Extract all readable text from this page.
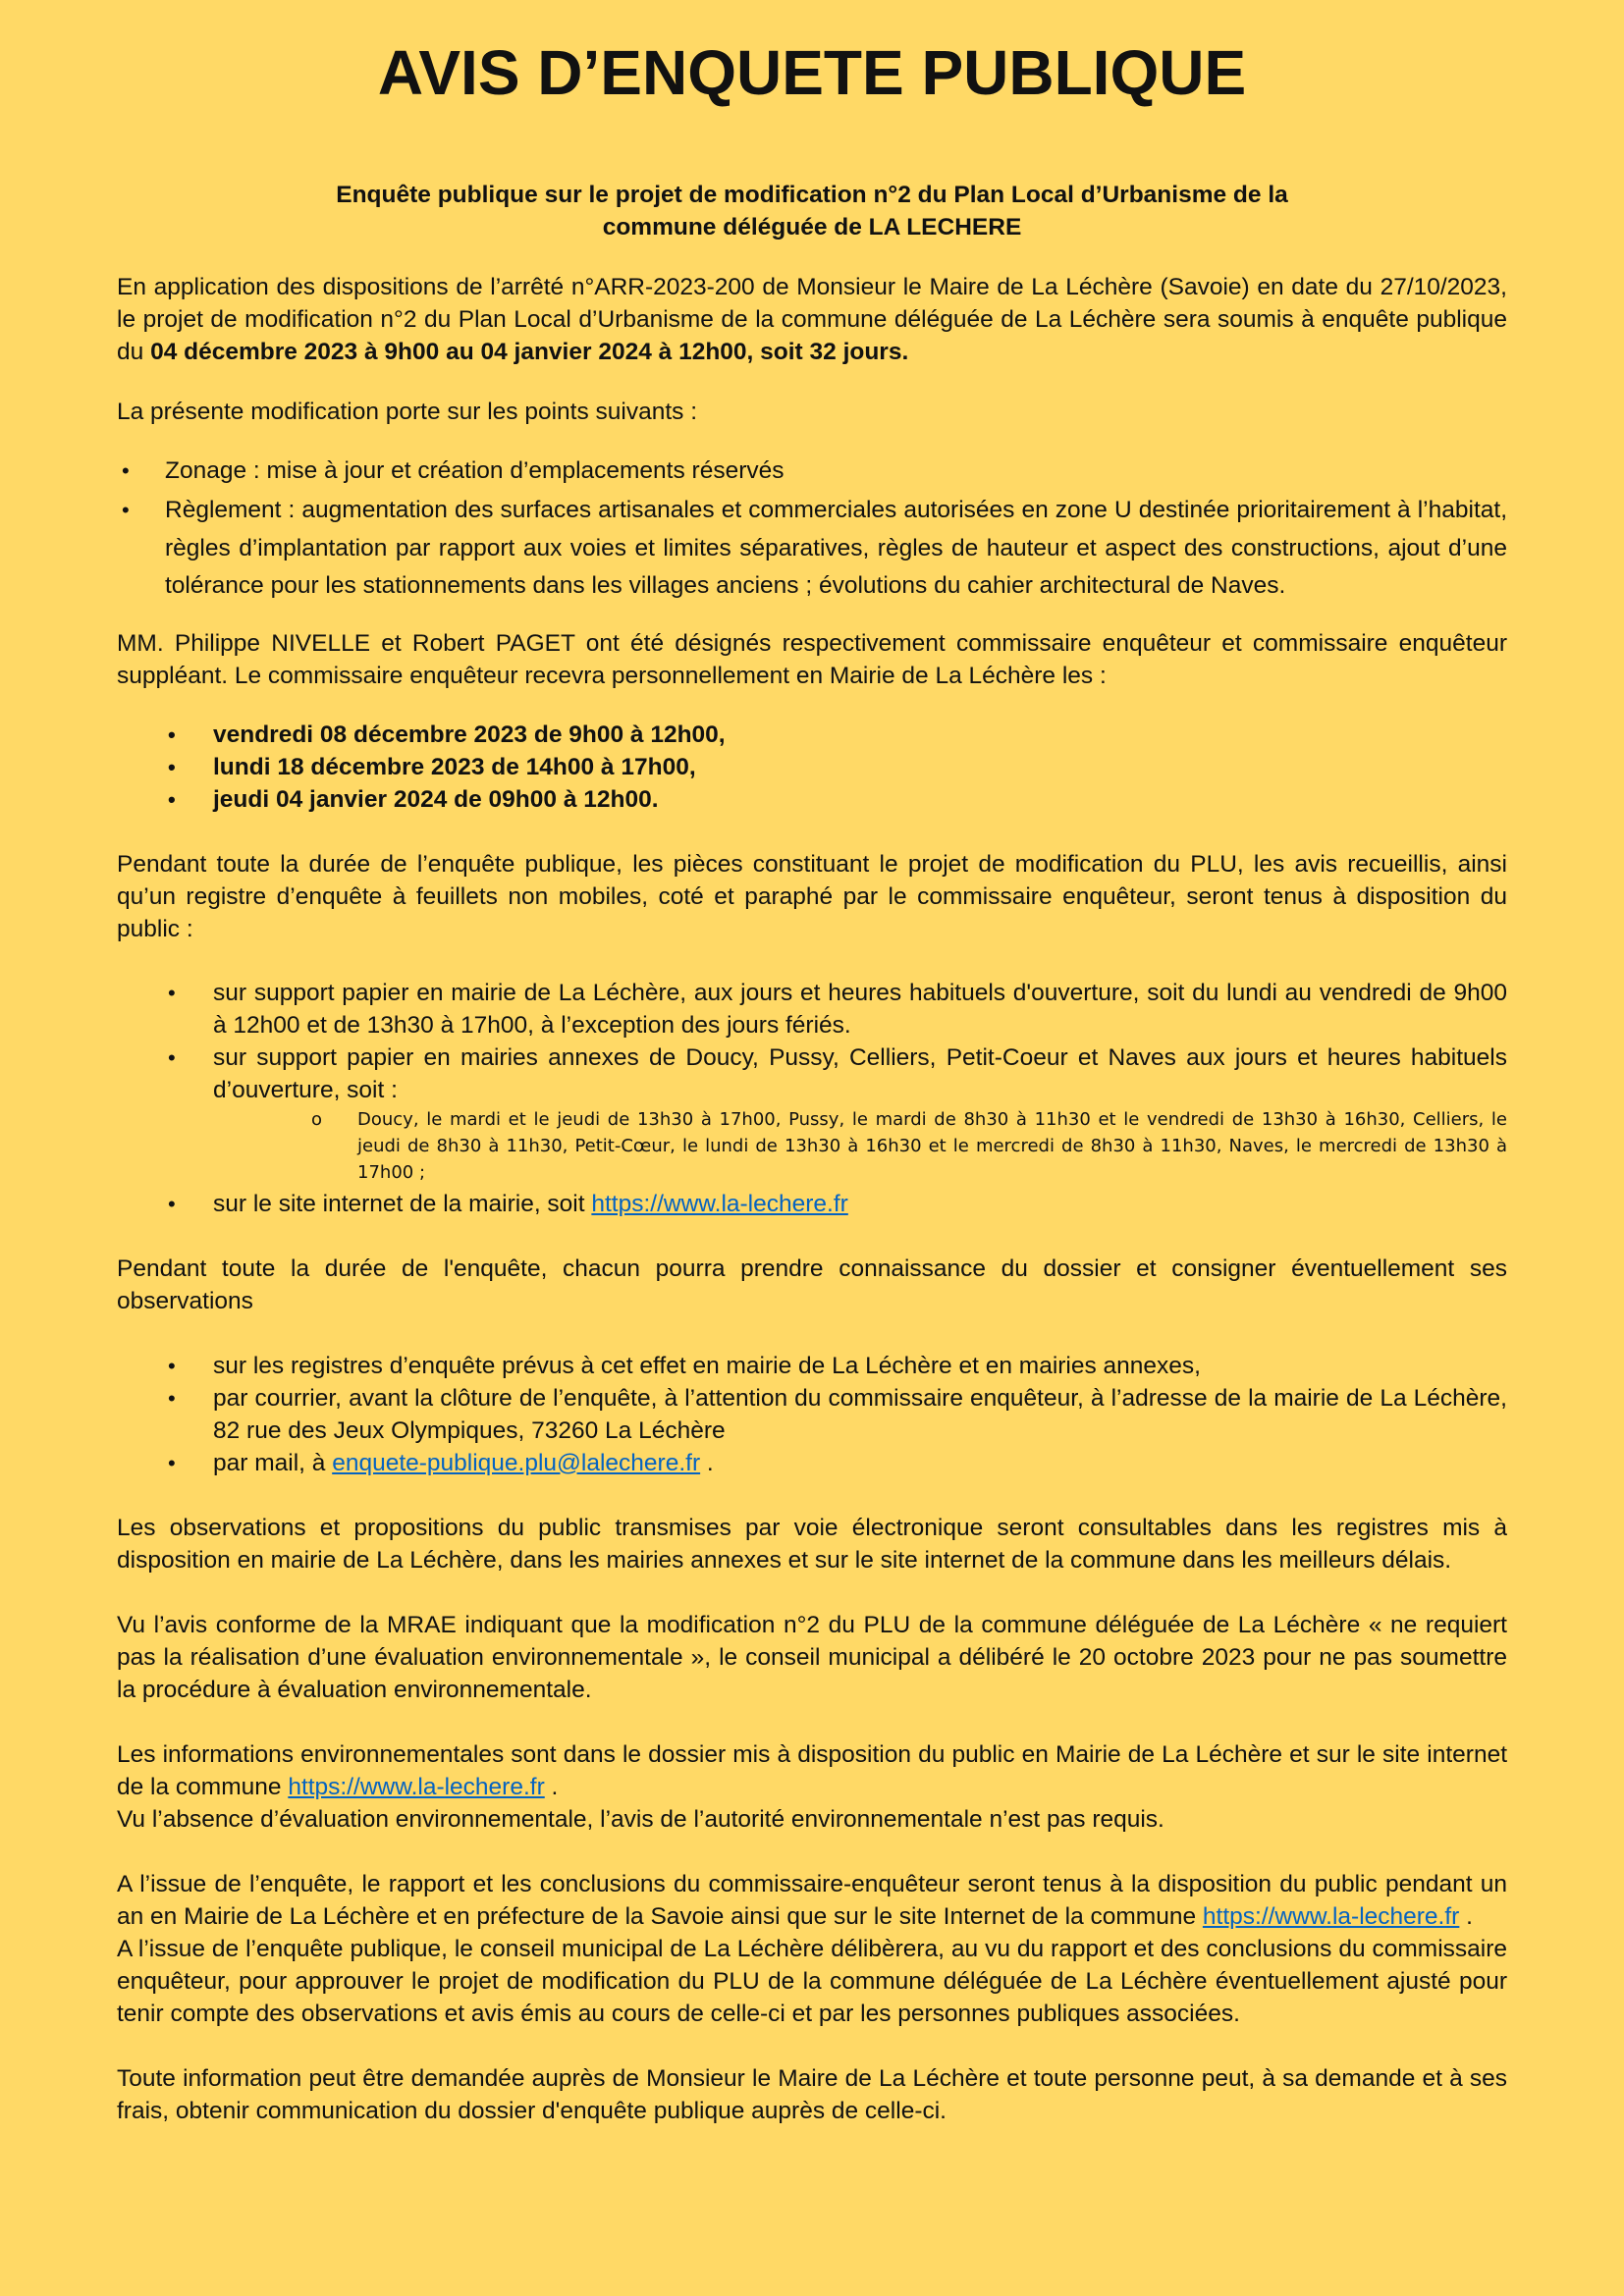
AVIS D’ENQUETE PUBLIQUE
Enquête publique sur le projet de modification n°2 du Plan Local d’Urbanisme de la
commune déléguée de LA LECHERE

En application des dispositions de l’arrêté n°ARR-2023-200 de Monsieur le Maire de La Léchère (Savoie) en date du 27/10/2023, le projet de modification n°2 du Plan Local d’Urbanisme de la commune déléguée de La Léchère sera soumis à enquête publique du 04 décembre 2023 à 9h00 au 04 janvier 2024 à 12h00, soit 32 jours.

La présente modification porte sur les points suivants :

• Zonage : mise à jour et création d’emplacements réservés
• Règlement : augmentation des surfaces artisanales et commerciales autorisées en zone U destinée prioritairement à l’habitat, règles d’implantation par rapport aux voies et limites séparatives, règles de hauteur et aspect des constructions, ajout d’une tolérance pour les stationnements dans les villages anciens ; évolutions du cahier architectural de Naves.

MM. Philippe NIVELLE et Robert PAGET ont été désignés respectivement commissaire enquêteur et commissaire enquêteur suppléant. Le commissaire enquêteur recevra personnellement en Mairie de La Léchère les :

• vendredi 08 décembre 2023 de 9h00 à 12h00,
• lundi 18 décembre 2023 de 14h00 à 17h00,
• jeudi 04 janvier 2024 de 09h00 à 12h00.

Pendant toute la durée de l’enquête publique, les pièces constituant le projet de modification du PLU, les avis recueillis, ainsi qu’un registre d’enquête à feuillets non mobiles, coté et paraphé par le commissaire enquêteur, seront tenus à disposition du public :

• sur support papier en mairie de La Léchère, aux jours et heures habituels d'ouverture, soit du lundi au vendredi de 9h00 à 12h00 et de 13h30 à 17h00, à l’exception des jours fériés.
• sur support papier en mairies annexes de Doucy, Pussy, Celliers, Petit-Coeur et Naves aux jours et heures habituels d’ouverture, soit :
o Doucy, le mardi et le jeudi de 13h30 à 17h00, Pussy, le mardi de 8h30 à 11h30 et le vendredi de 13h30 à 16h30, Celliers, le jeudi de 8h30 à 11h30, Petit-Cœur, le lundi de 13h30 à 16h30 et le mercredi de 8h30 à 11h30, Naves, le mercredi de 13h30 à 17h00 ;
• sur le site internet de la mairie, soit https://www.la-lechere.fr

Pendant toute la durée de l'enquête, chacun pourra prendre connaissance du dossier et consigner éventuellement ses observations

• sur les registres d’enquête prévus à cet effet en mairie de La Léchère et en mairies annexes,
• par courrier, avant la clôture de l’enquête, à l’attention du commissaire enquêteur, à l’adresse de la mairie de La Léchère, 82 rue des Jeux Olympiques, 73260 La Léchère
• par mail, à enquete-publique.plu@lalechere.fr .

Les observations et propositions du public transmises par voie électronique seront consultables dans les registres mis à disposition en mairie de La Léchère, dans les mairies annexes et sur le site internet de la commune dans les meilleurs délais.

Vu l’avis conforme de la MRAE indiquant que la modification n°2 du PLU de la commune déléguée de La Léchère « ne requiert pas la réalisation d’une évaluation environnementale », le conseil municipal a délibéré le 20 octobre 2023 pour ne pas soumettre la procédure à évaluation environnementale.

Les informations environnementales sont dans le dossier mis à disposition du public en Mairie de La Léchère et sur le site internet de la commune https://www.la-lechere.fr .

Vu l’absence d’évaluation environnementale, l’avis de l’autorité environnementale n’est pas requis.

A l’issue de l’enquête, le rapport et les conclusions du commissaire-enquêteur seront tenus à la disposition du public pendant un an en Mairie de La Léchère et en préfecture de la Savoie ainsi que sur le site Internet de la commune https://www.la-lechere.fr .

A l’issue de l’enquête publique, le conseil municipal de La Léchère délibèrera, au vu du rapport et des conclusions du commissaire enquêteur, pour approuver le projet de modification du PLU de la commune déléguée de La Léchère éventuellement ajusté pour tenir compte des observations et avis émis au cours de celle-ci et par les personnes publiques associées.

Toute information peut être demandée auprès de Monsieur le Maire de La Léchère et toute personne peut, à sa demande et à ses frais, obtenir communication du dossier d'enquête publique auprès de celle-ci.
